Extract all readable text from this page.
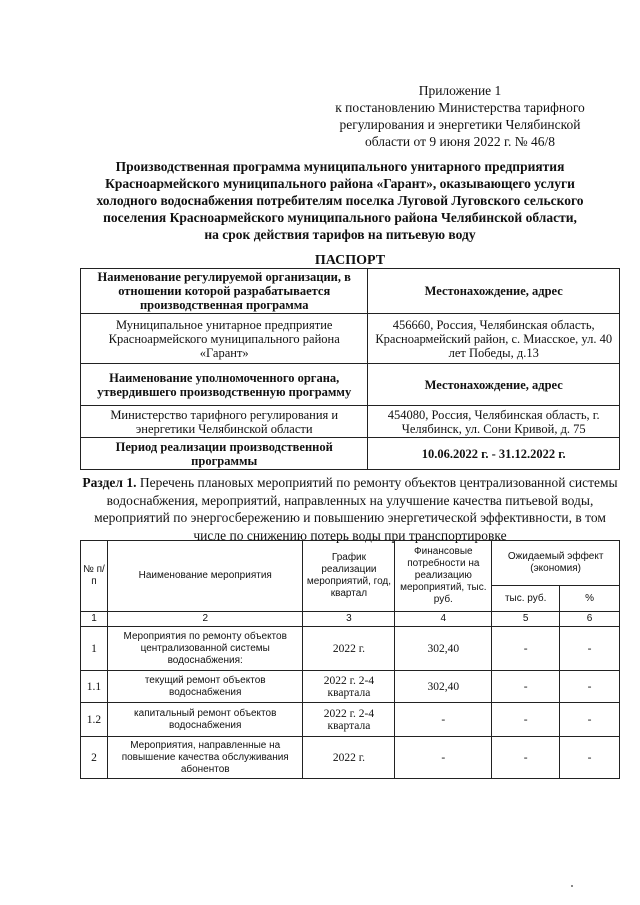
Приложение 1
к постановлению Министерства тарифного
регулирования и энергетики Челябинской
области от 9 июня 2022 г. № 46/8
Производственная программа муниципального унитарного предприятия
Красноармейского муниципального района «Гарант», оказывающего услуги
холодного водоснабжения потребителям поселка Луговой Луговского сельского
поселения Красноармейского муниципального района Челябинской области,
на срок действия тарифов на питьевую воду
ПАСПОРТ
Наименование регулируемой организации, в отношении которой разрабатывается производственная программа	Местонахождение, адрес
Муниципальное унитарное предприятие Красноармейского муниципального района «Гарант»	456660, Россия, Челябинская область, Красноармейский район, с. Миасское, ул. 40 лет Победы, д.13
Наименование уполномоченного органа, утвердившего производственную программу	Местонахождение, адрес
Министерство тарифного регулирования и энергетики Челябинской области	454080, Россия, Челябинская область, г. Челябинск, ул. Сони Кривой, д. 75
Период реализации производственной программы	10.06.2022 г. - 31.12.2022 г.
Раздел 1. Перечень плановых мероприятий по ремонту объектов централизованной системы водоснабжения, мероприятий, направленных на улучшение качества питьевой воды, мероприятий по энергосбережению и повышению энергетической эффективности, в том числе по снижению потерь воды при транспортировке
№ п/п	Наименование мероприятия	График реализации мероприятий, год, квартал	Финансовые потребности на реализацию мероприятий, тыс. руб.	Ожидаемый эффект (экономия)	
				тыс. руб.	%
1	2	3	4	5	6
1	Мероприятия по ремонту объектов централизованной системы водоснабжения:	2022 г.	302,40	-	-
1.1	текущий ремонт объектов водоснабжения	2022 г. 2-4 квартала	302,40	-	-
1.2	капитальный ремонт объектов водоснабжения	2022 г. 2-4 квартала	-	-	-
2	Мероприятия, направленные на повышение качества обслуживания абонентов	2022 г.	-	-	-
